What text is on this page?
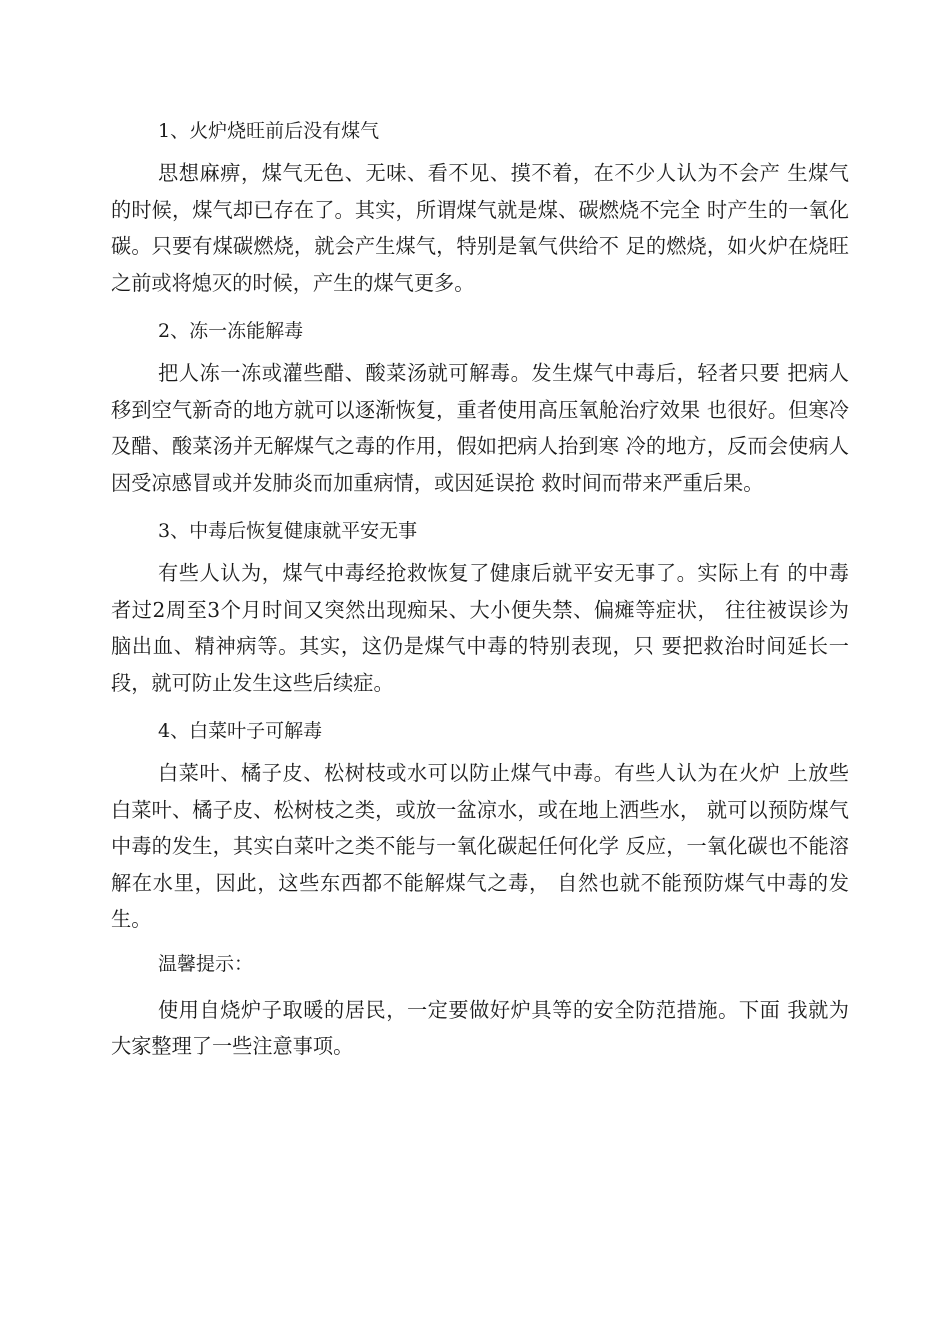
1、火炉烧旺前后没有煤气

思想麻痹，煤气无色、无味、看不见、摸不着，在不少人认为不会产 生煤气的时候，煤气却已存在了。其实，所谓煤气就是煤、碳燃烧不完全 时产生的一氧化碳。只要有煤碳燃烧，就会产生煤气，特别是氧气供给不 足的燃烧，如火炉在烧旺之前或将熄灭的时候，产生的煤气更多。

2、冻一冻能解毒

把人冻一冻或灌些醋、酸菜汤就可解毒。发生煤气中毒后，轻者只要 把病人移到空气新奇的地方就可以逐渐恢复，重者使用高压氧舱治疗效果 也很好。但寒冷及醋、酸菜汤并无解煤气之毒的作用，假如把病人抬到寒 冷的地方，反而会使病人因受凉感冒或并发肺炎而加重病情，或因延误抢 救时间而带来严重后果。

3、中毒后恢复健康就平安无事

有些人认为，煤气中毒经抢救恢复了健康后就平安无事了。实际上有 的中毒者过2周至3个月时间又突然出现痴呆、大小便失禁、偏瘫等症状， 往往被误诊为脑出血、精神病等。其实，这仍是煤气中毒的特别表现，只 要把救治时间延长一段，就可防止发生这些后续症。

4、白菜叶子可解毒

白菜叶、橘子皮、松树枝或水可以防止煤气中毒。有些人认为在火炉 上放些白菜叶、橘子皮、松树枝之类，或放一盆凉水，或在地上洒些水， 就可以预防煤气中毒的发生，其实白菜叶之类不能与一氧化碳起任何化学 反应，一氧化碳也不能溶解在水里，因此，这些东西都不能解煤气之毒， 自然也就不能预防煤气中毒的发生。

温馨提示：

使用自烧炉子取暖的居民，一定要做好炉具等的安全防范措施。下面 我就为大家整理了一些注意事项。
